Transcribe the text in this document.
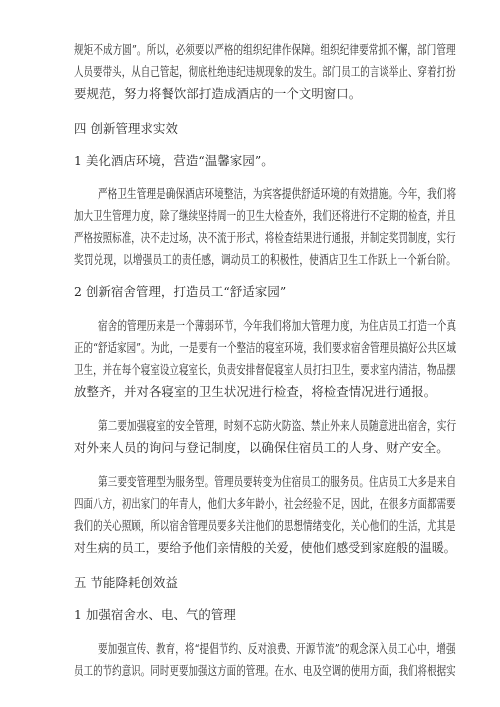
规矩不成方圆”。所以，必须要以严格的组织纪律作保障。组织纪律要常抓不懈，部门管理
人员要带头，从自己管起，彻底杜绝违纪违规现象的发生。部门员工的言谈举止、穿着打扮
要规范，努力将餐饮部打造成酒店的一个文明窗口。
四 创新管理求实效
1 美化酒店环境，营造“温馨家园”。
严格卫生管理是确保酒店环境整洁，为宾客提供舒适环境的有效措施。今年，我们将
加大卫生管理力度，除了继续坚持周一的卫生大检查外，我们还将进行不定期的检查，并且
严格按照标准，决不走过场，决不流于形式，将检查结果进行通报，并制定奖罚制度，实行
奖罚兑现，以增强员工的责任感，调动员工的积极性，使酒店卫生工作跃上一个新台阶。
2 创新宿舍管理，打造员工“舒适家园”
宿舍的管理历来是一个薄弱环节，今年我们将加大管理力度，为住店员工打造一个真
正的“舒适家园”。为此，一是要有一个整洁的寝室环境，我们要求宿舍管理员搞好公共区域
卫生，并在每个寝室设立寝室长，负责安排督促寝室人员打扫卫生，要求室内清洁，物品摆
放整齐，并对各寝室的卫生状况进行检查，将检查情况进行通报。
第二要加强寝室的安全管理，时刻不忘防火防盗、禁止外来人员随意进出宿舍，实行
对外来人员的询问与登记制度，以确保住宿员工的人身、财产安全。
第三要变管理型为服务型。管理员要转变为住宿员工的服务员。住店员工大多是来自
四面八方，初出家门的年青人，他们大多年龄小，社会经验不足，因此，在很多方面都需要
我们的关心照顾，所以宿舍管理员要多关注他们的思想情绪变化，关心他们的生活，尤其是
对生病的员工，要给予他们亲情般的关爱，使他们感受到家庭般的温暖。
五 节能降耗创效益
1 加强宿舍水、电、气的管理
要加强宣传、教育，将“提倡节约、反对浪费、开源节流”的观念深入员工心中，增强
员工的节约意识。同时更要加强这方面的管理。在水、电及空调的使用方面，我们将根据实
